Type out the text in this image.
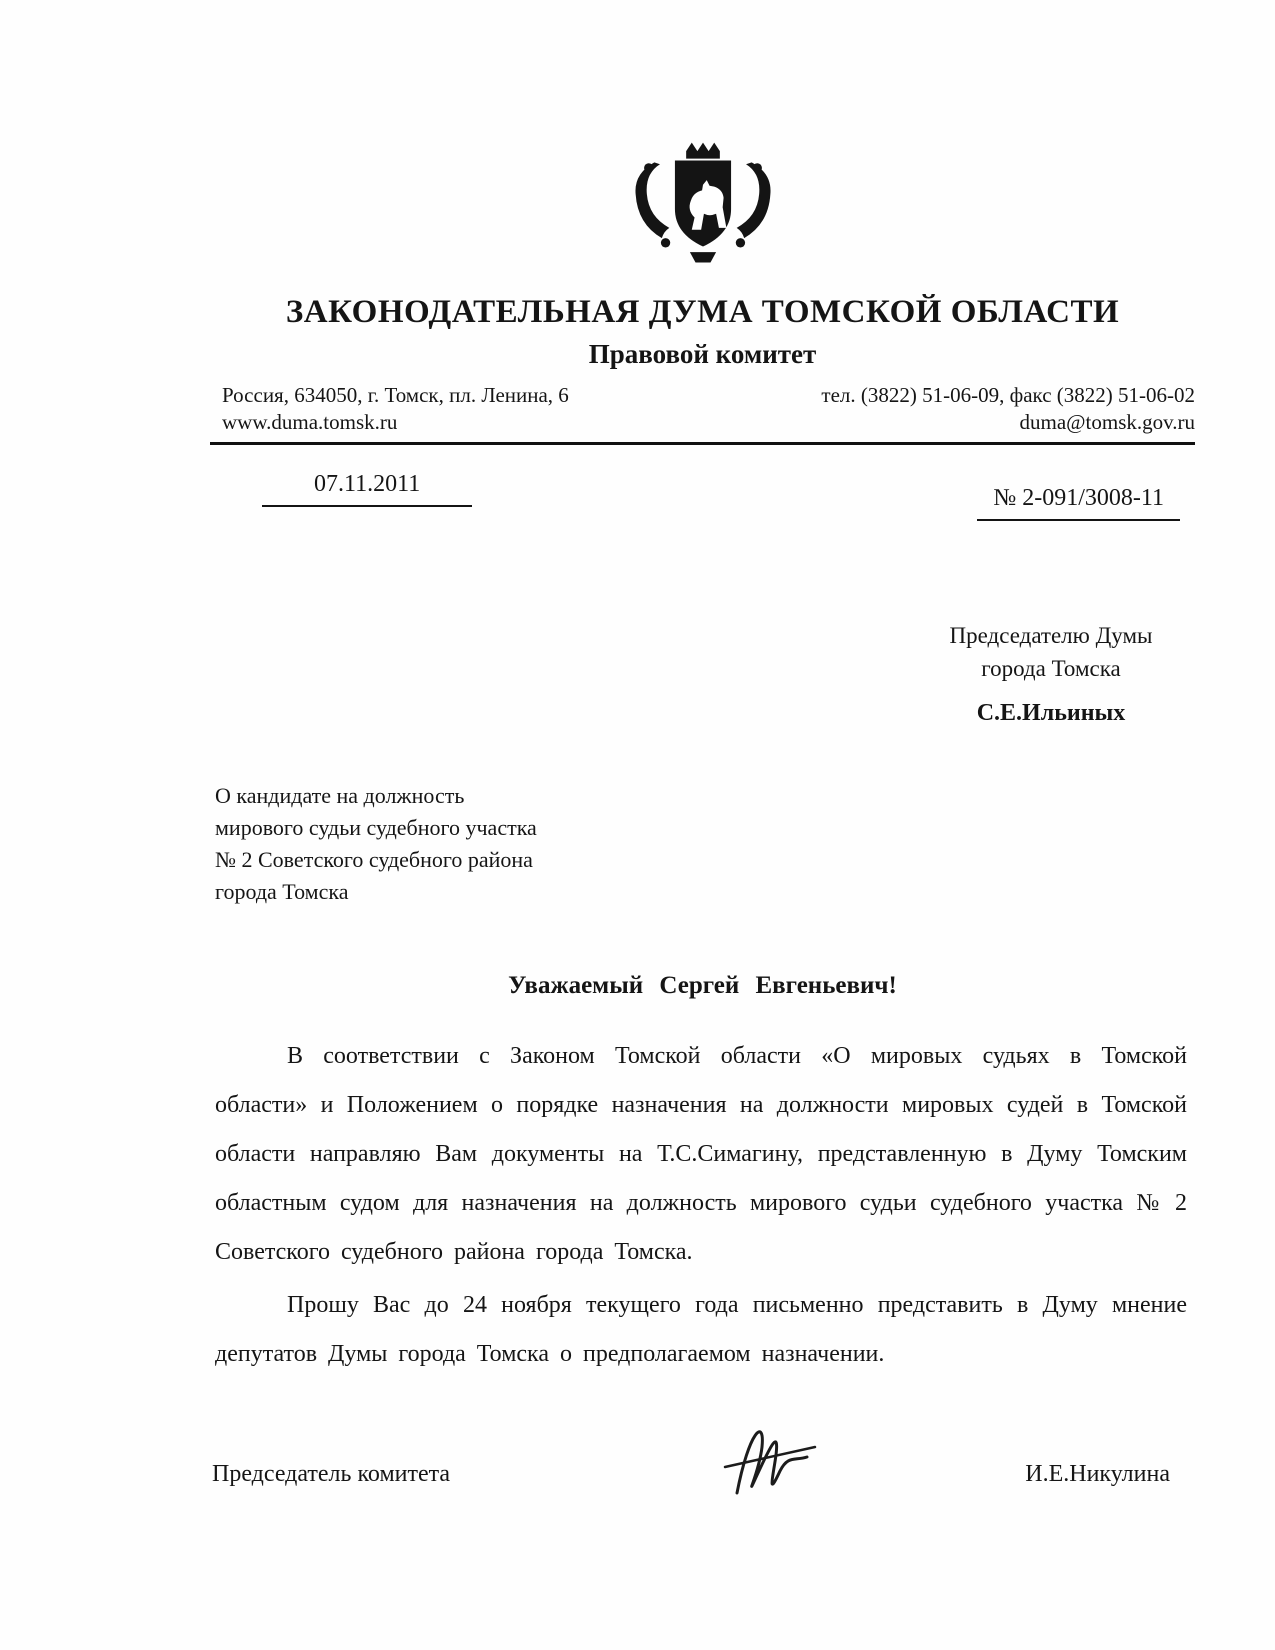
ЗАКОНОДАТЕЛЬНАЯ ДУМА ТОМСКОЙ ОБЛАСТИ
Правовой комитет
Россия, 634050, г. Томск, пл. Ленина, 6
www.duma.tomsk.ru
тел. (3822) 51-06-09, факс (3822) 51-06-02
duma@tomsk.gov.ru
07.11.2011
№ 2-091/3008-11
Председателю Думы
города Томска
С.Е.Ильиных
О кандидате на должность
мирового судьи судебного участка
№ 2 Советского судебного района
города Томска

Уважаемый Сергей Евгеньевич!

В соответствии с Законом Томской области «О мировых судьях в Томской области» и Положением о порядке назначения на должности мировых судей в Томской области направляю Вам документы на Т.С.Симагину, представленную в Думу Томским областным судом для назначения на должность мирового судьи судебного участка № 2 Советского судебного района города Томска.

Прошу Вас до 24 ноября текущего года письменно представить в Думу мнение депутатов Думы города Томска о предполагаемом назначении.

Председатель комитета	И.Е.Никулина
